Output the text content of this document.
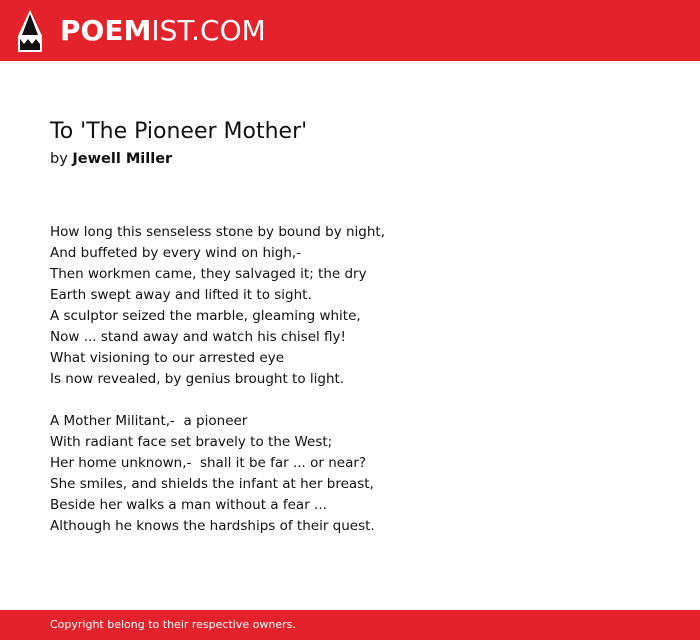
POEMIST.COM
To 'The Pioneer Mother'
by Jewell Miller
How long this senseless stone by bound by night,
And buffeted by every wind on high,-
Then workmen came, they salvaged it; the dry
Earth swept away and lifted it to sight.
A sculptor seized the marble, gleaming white,
Now ... stand away and watch his chisel fly!
What visioning to our arrested eye
Is now revealed, by genius brought to light.
A Mother Militant,-  a pioneer
With radiant face set bravely to the West;
Her home unknown,-  shall it be far ... or near?
She smiles, and shields the infant at her breast,
Beside her walks a man without a fear ...
Although he knows the hardships of their quest.
Copyright belong to their respective owners.
